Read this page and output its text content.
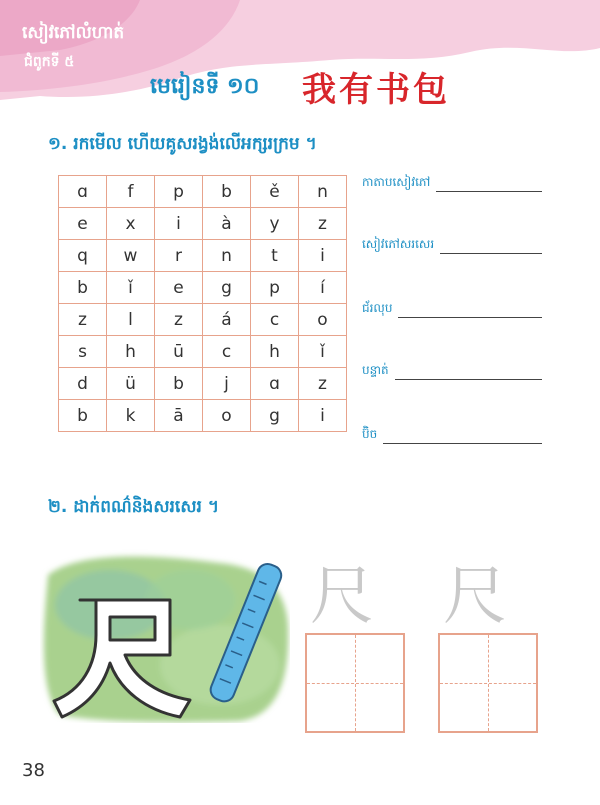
សៀវភៅលំហាត់
ជំពូកទី ៥
មេរៀនទី ១០ 我有书包
១. រកមើល ហើយគូសរង្វង់លើអក្សរក្រម ។
ɑ	f	p	b	ě	n
e	x	i	à	y	z
q	w	r	n	t	i
b	ǐ	e	g	p	í
z	l	z	á	c	o
s	h	ū	c	h	ǐ
d	ü	b	j	ɑ	z
b	k	ā	o	g	i
កាតាបសៀវភៅ
សៀវភៅសរសេរ
ជ័រលុប
បន្ទាត់
ប៊ិច
២. ដាក់ពណ៌និងសរសេរ ។
尺 尺
38
